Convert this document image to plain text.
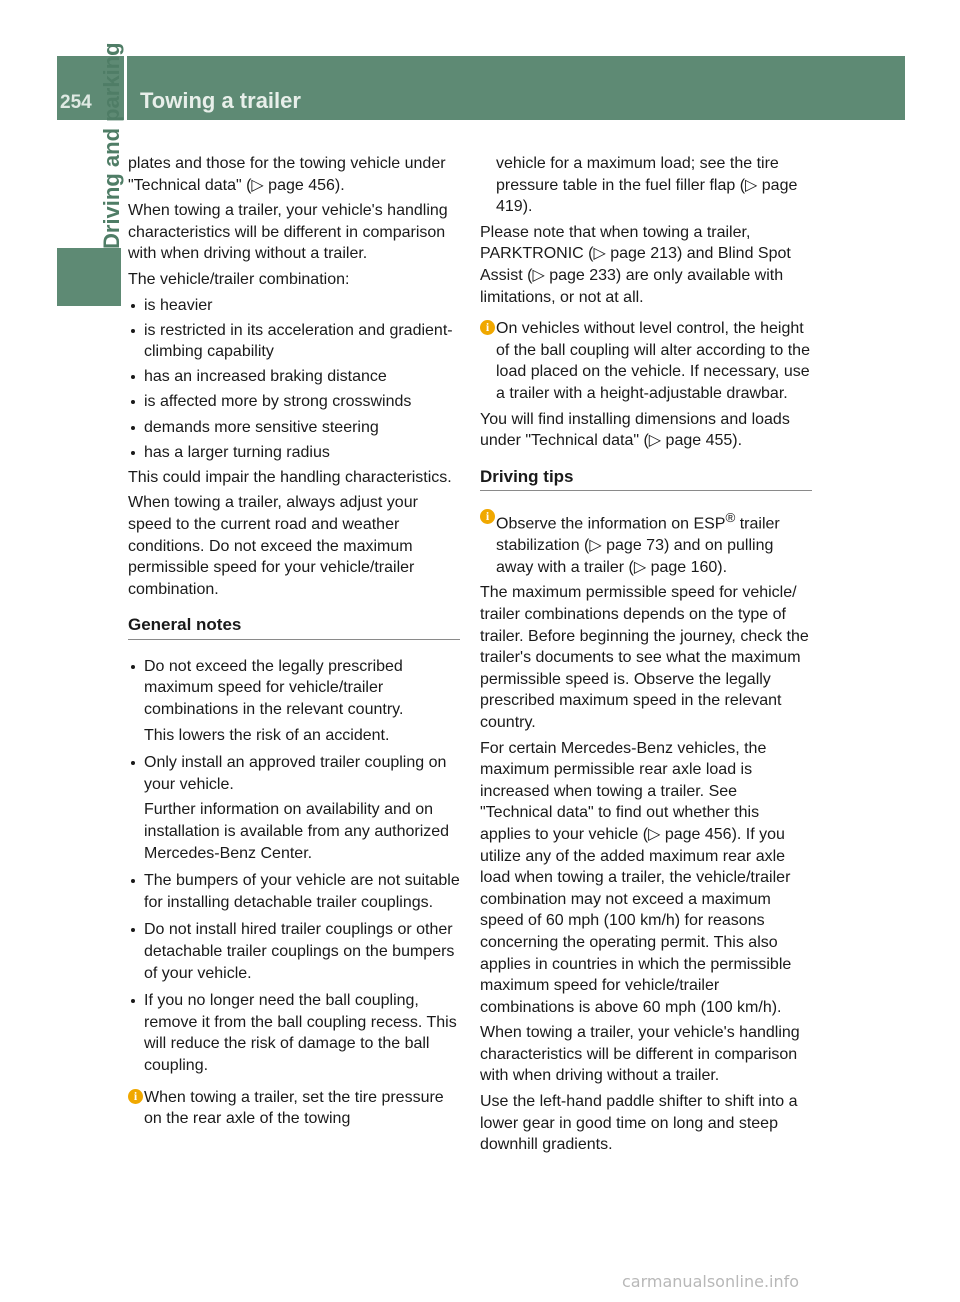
254	Towing a trailer
Driving and parking plates and those for the towing vehicle under "Technical data" (▷ page 456).

When towing a trailer, your vehicle's handling characteristics will be different in comparison with when driving without a trailer.

The vehicle/trailer combination:

is heavier
is restricted in its acceleration and gradient-climbing capability
has an increased braking distance
is affected more by strong crosswinds
demands more sensitive steering
has a larger turning radius

This could impair the handling characteristics.

When towing a trailer, always adjust your speed to the current road and weather conditions. Do not exceed the maximum permissible speed for your vehicle/trailer combination.

General notes
Do not exceed the legally prescribed maximum speed for vehicle/trailer combinations in the relevant country.
This lowers the risk of an accident.
Only install an approved trailer coupling on your vehicle.
Further information on availability and on installation is available from any authorized Mercedes-Benz Center.
The bumpers of your vehicle are not suitable for installing detachable trailer couplings.
Do not install hired trailer couplings or other detachable trailer couplings on the bumpers of your vehicle.
If you no longer need the ball coupling, remove it from the ball coupling recess. This will reduce the risk of damage to the ball coupling.
i When towing a trailer, set the tire pressure on the rear axle of the towing

vehicle for a maximum load; see the tire pressure table in the fuel filler flap (▷ page 419).

Please note that when towing a trailer, PARKTRONIC (▷ page 213) and Blind Spot Assist (▷ page 233) are only available with limitations, or not at all.

i On vehicles without level control, the height of the ball coupling will alter according to the load placed on the vehicle. If necessary, use a trailer with a height-adjustable drawbar.

You will find installing dimensions and loads under "Technical data" (▷ page 455).

Driving tips
i Observe the information on ESP® trailer stabilization (▷ page 73) and on pulling away with a trailer (▷ page 160).

The maximum permissible speed for vehicle/ trailer combinations depends on the type of trailer. Before beginning the journey, check the trailer's documents to see what the maximum permissible speed is. Observe the legally prescribed maximum speed in the relevant country.

For certain Mercedes-Benz vehicles, the maximum permissible rear axle load is increased when towing a trailer. See "Technical data" to find out whether this applies to your vehicle (▷ page 456). If you utilize any of the added maximum rear axle load when towing a trailer, the vehicle/trailer combination may not exceed a maximum speed of 60 mph (100 km/h) for reasons concerning the operating permit. This also applies in countries in which the permissible maximum speed for vehicle/trailer combinations is above 60 mph (100 km/h).

When towing a trailer, your vehicle's handling characteristics will be different in comparison with when driving without a trailer.

Use the left-hand paddle shifter to shift into a lower gear in good time on long and steep downhill gradients.

carmanualsonline.info
